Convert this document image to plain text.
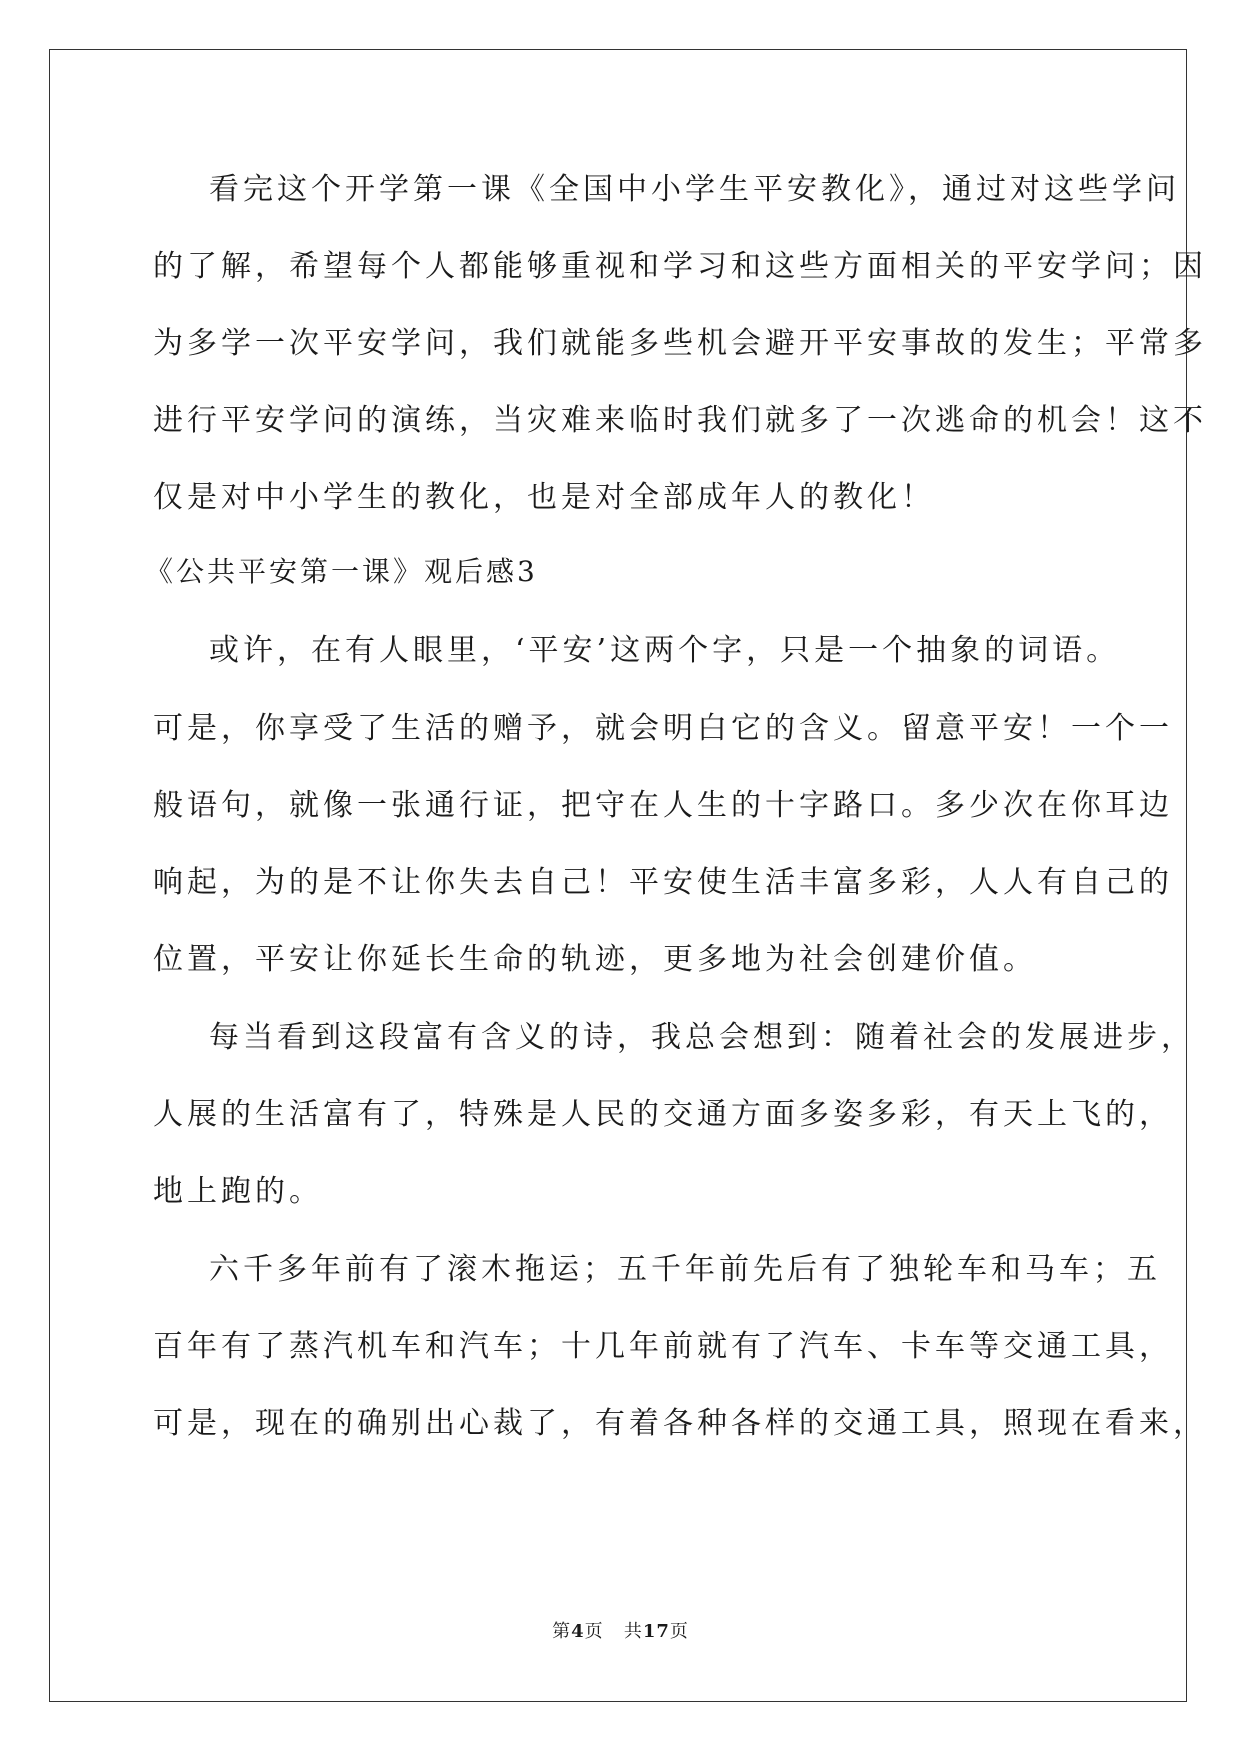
看完这个开学第一课《全国中小学生平安教化》，通过对这些学问
的了解，希望每个人都能够重视和学习和这些方面相关的平安学问；因
为多学一次平安学问，我们就能多些机会避开平安事故的发生；平常多
进行平安学问的演练，当灾难来临时我们就多了一次逃命的机会！这不
仅是对中小学生的教化，也是对全部成年人的教化！
《公共平安第一课》观后感3
或许，在有人眼里，‘平安’这两个字，只是一个抽象的词语。
可是，你享受了生活的赠予，就会明白它的含义。留意平安！一个一
般语句，就像一张通行证，把守在人生的十字路口。多少次在你耳边
响起，为的是不让你失去自己！平安使生活丰富多彩，人人有自己的
位置，平安让你延长生命的轨迹，更多地为社会创建价值。
每当看到这段富有含义的诗，我总会想到：随着社会的发展进步，
人展的生活富有了，特殊是人民的交通方面多姿多彩，有天上飞的，
地上跑的。
六千多年前有了滚木拖运；五千年前先后有了独轮车和马车；五
百年有了蒸汽机车和汽车；十几年前就有了汽车、卡车等交通工具，
可是，现在的确别出心裁了，有着各种各样的交通工具，照现在看来，
第4页 共17页
